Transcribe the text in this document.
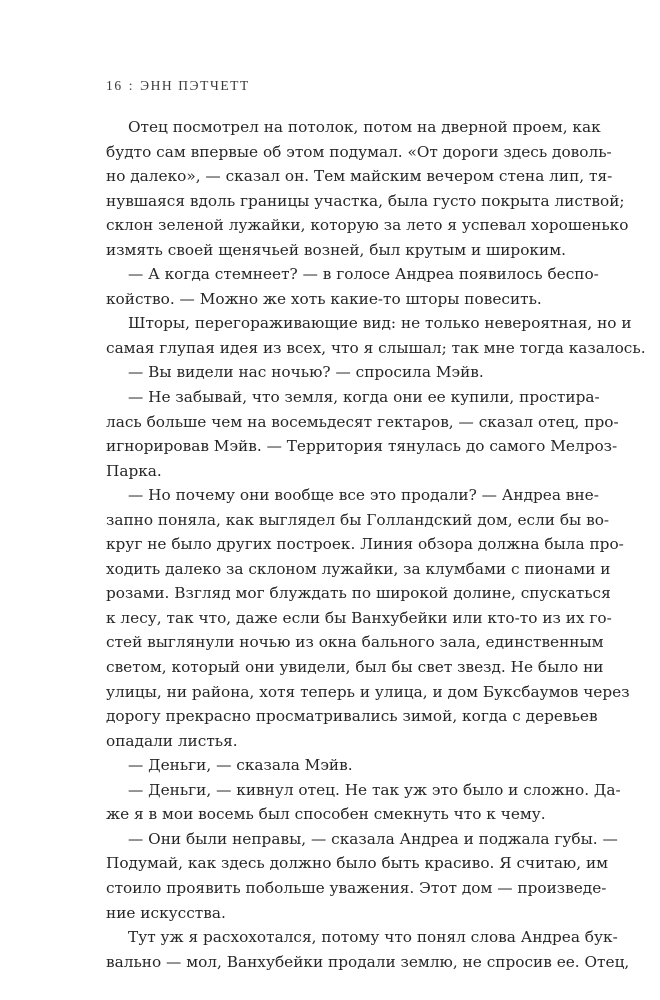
16 : ЭНН ПЭТЧЕТТ
Отец посмотрел на потолок, потом на дверной проем, как
будто сам впервые об этом подумал. «От дороги здесь доволь-
но далеко», — сказал он. Тем майским вечером стена лип, тя-
нувшаяся вдоль границы участка, была густо покрыта листвой;
склон зеленой лужайки, которую за лето я успевал хорошенько
измять своей щенячьей возней, был крутым и широким.
— А когда стемнеет? — в голосе Андреа появилось беспо-
койство. — Можно же хоть какие-то шторы повесить.
Шторы, перегораживающие вид: не только невероятная, но и
самая глупая идея из всех, что я слышал; так мне тогда казалось.
— Вы видели нас ночью? — спросила Мэйв.
— Не забывай, что земля, когда они ее купили, простира-
лась больше чем на восемьдесят гектаров, — сказал отец, про-
игнорировав Мэйв. — Территория тянулась до самого Мелроз-
Парка.
— Но почему они вообще все это продали? — Андреа вне-
запно поняла, как выглядел бы Голландский дом, если бы во-
круг не было других построек. Линия обзора должна была про-
ходить далеко за склоном лужайки, за клумбами с пионами и
розами. Взгляд мог блуждать по широкой долине, спускаться
к лесу, так что, даже если бы Ванхубейки или кто-то из их го-
стей выглянули ночью из окна бального зала, единственным
светом, который они увидели, был бы свет звезд. Не было ни
улицы, ни района, хотя теперь и улица, и дом Буксбаумов через
дорогу прекрасно просматривались зимой, когда с деревьев
опадали листья.
— Деньги, — сказала Мэйв.
— Деньги, — кивнул отец. Не так уж это было и сложно. Да-
же я в мои восемь был способен смекнуть что к чему.
— Они были неправы, — сказала Андреа и поджала губы. —
Подумай, как здесь должно было быть красиво. Я считаю, им
стоило проявить побольше уважения. Этот дом — произведе-
ние искусства.
Тут уж я расхохотался, потому что понял слова Андреа бук-
вально — мол, Ванхубейки продали землю, не спросив ее. Отец,
